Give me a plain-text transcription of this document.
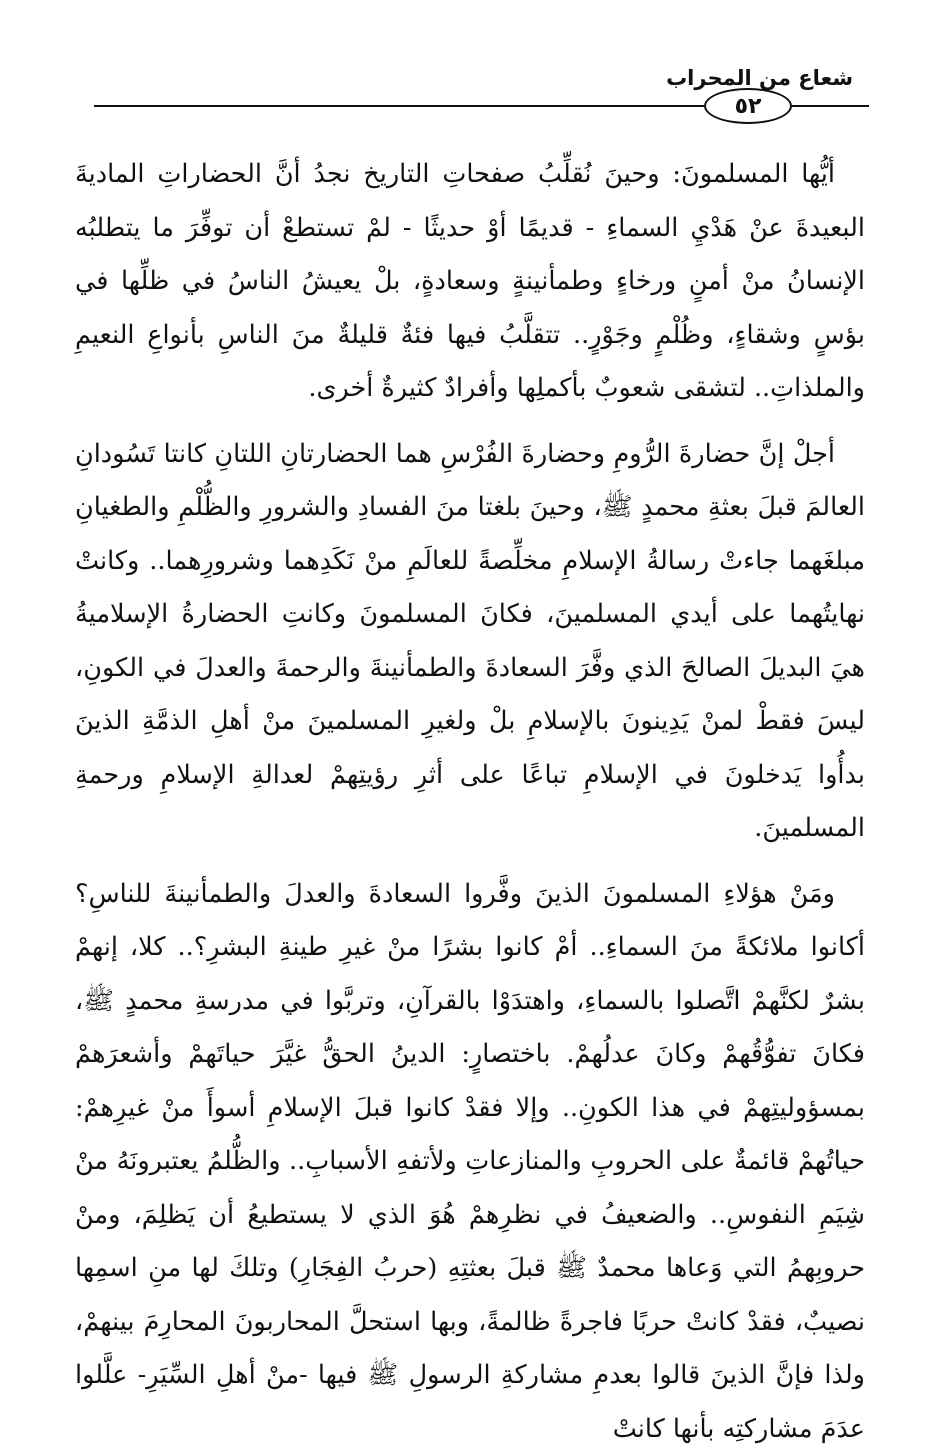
شعاع من المحراب
٥٢

أيُّها المسلمونَ: وحينَ نُقلِّبُ صفحاتِ التاريخ نجدُ أنَّ الحضاراتِ الماديةَ البعيدةَ عنْ هَدْيِ السماءِ - قديمًا أوْ حديثًا - لمْ تستطعْ أن توفِّرَ ما يتطلبُه الإنسانُ منْ أمنٍ ورخاءٍ وطمأنينةٍ وسعادةٍ، بلْ يعيشُ الناسُ في ظلِّها في بؤسٍ وشقاءٍ، وظُلْمٍ وجَوْرٍ.. تتقلَّبُ فيها فئةٌ قليلةٌ منَ الناسِ بأنواعِ النعيمِ والملذاتِ.. لتشقى شعوبٌ بأكملِها وأفرادٌ كثيرةٌ أخرى.

أجلْ إنَّ حضارةَ الرُّومِ وحضارةَ الفُرْسِ هما الحضارتانِ اللتانِ كانتا تَسُودانِ العالمَ قبلَ بعثةِ محمدٍ ﷺ، وحينَ بلغتا منَ الفسادِ والشرورِ والظُّلْمِ والطغيانِ مبلغَهما جاءتْ رسالةُ الإسلامِ مخلِّصةً للعالَمِ منْ نَكَدِهما وشرورِهما.. وكانتْ نهايتُهما على أيدي المسلمينَ، فكانَ المسلمونَ وكانتِ الحضارةُ الإسلاميةُ هيَ البديلَ الصالحَ الذي وفَّرَ السعادةَ والطمأنينةَ والرحمةَ والعدلَ في الكونِ، ليسَ فقطْ لمنْ يَدِينونَ بالإسلامِ بلْ ولغيرِ المسلمينَ منْ أهلِ الذمَّةِ الذينَ بدأُوا يَدخلونَ في الإسلامِ تباعًا على أثرِ رؤيتِهمْ لعدالةِ الإسلامِ ورحمةِ المسلمينَ.

ومَنْ هؤلاءِ المسلمونَ الذينَ وفَّروا السعادةَ والعدلَ والطمأنينةَ للناسِ؟ أكانوا ملائكةً منَ السماءِ.. أمْ كانوا بشرًا منْ غيرِ طينةِ البشرِ؟.. كلا، إنهمْ بشرٌ لكنَّهمْ اتَّصلوا بالسماءِ، واهتدَوْا بالقرآنِ، وتربَّوا في مدرسةِ محمدٍ ﷺ، فكانَ تفوُّقُهمْ وكانَ عدلُهمْ. باختصارٍ: الدينُ الحقُّ غيَّرَ حياتَهمْ وأشعرَهمْ بمسؤوليتِهمْ في هذا الكونِ.. وإلا فقدْ كانوا قبلَ الإسلامِ أسوأَ منْ غيرِهمْ: حياتُهمْ قائمةٌ على الحروبِ والمنازعاتِ ولأتفهِ الأسبابِ.. والظُّلمُ يعتبرونَهُ منْ شِيَمِ النفوسِ.. والضعيفُ في نظرِهمْ هُوَ الذي لا يستطيعُ أن يَظلِمَ، ومنْ حروبِهمُ التي وَعاها محمدٌ ﷺ قبلَ بعثتِهِ (حربُ الفِجَارِ) وتلكَ لها منِ اسمِها نصيبٌ، فقدْ كانتْ حربًا فاجرةً ظالمةً، وبها استحلَّ المحاربونَ المحارِمَ بينهمْ، ولذا فإنَّ الذينَ قالوا بعدمِ مشاركةِ الرسولِ ﷺ فيها -منْ أهلِ السِّيَرِ- علَّلوا عدَمَ مشاركتِه بأنها كانتْ
